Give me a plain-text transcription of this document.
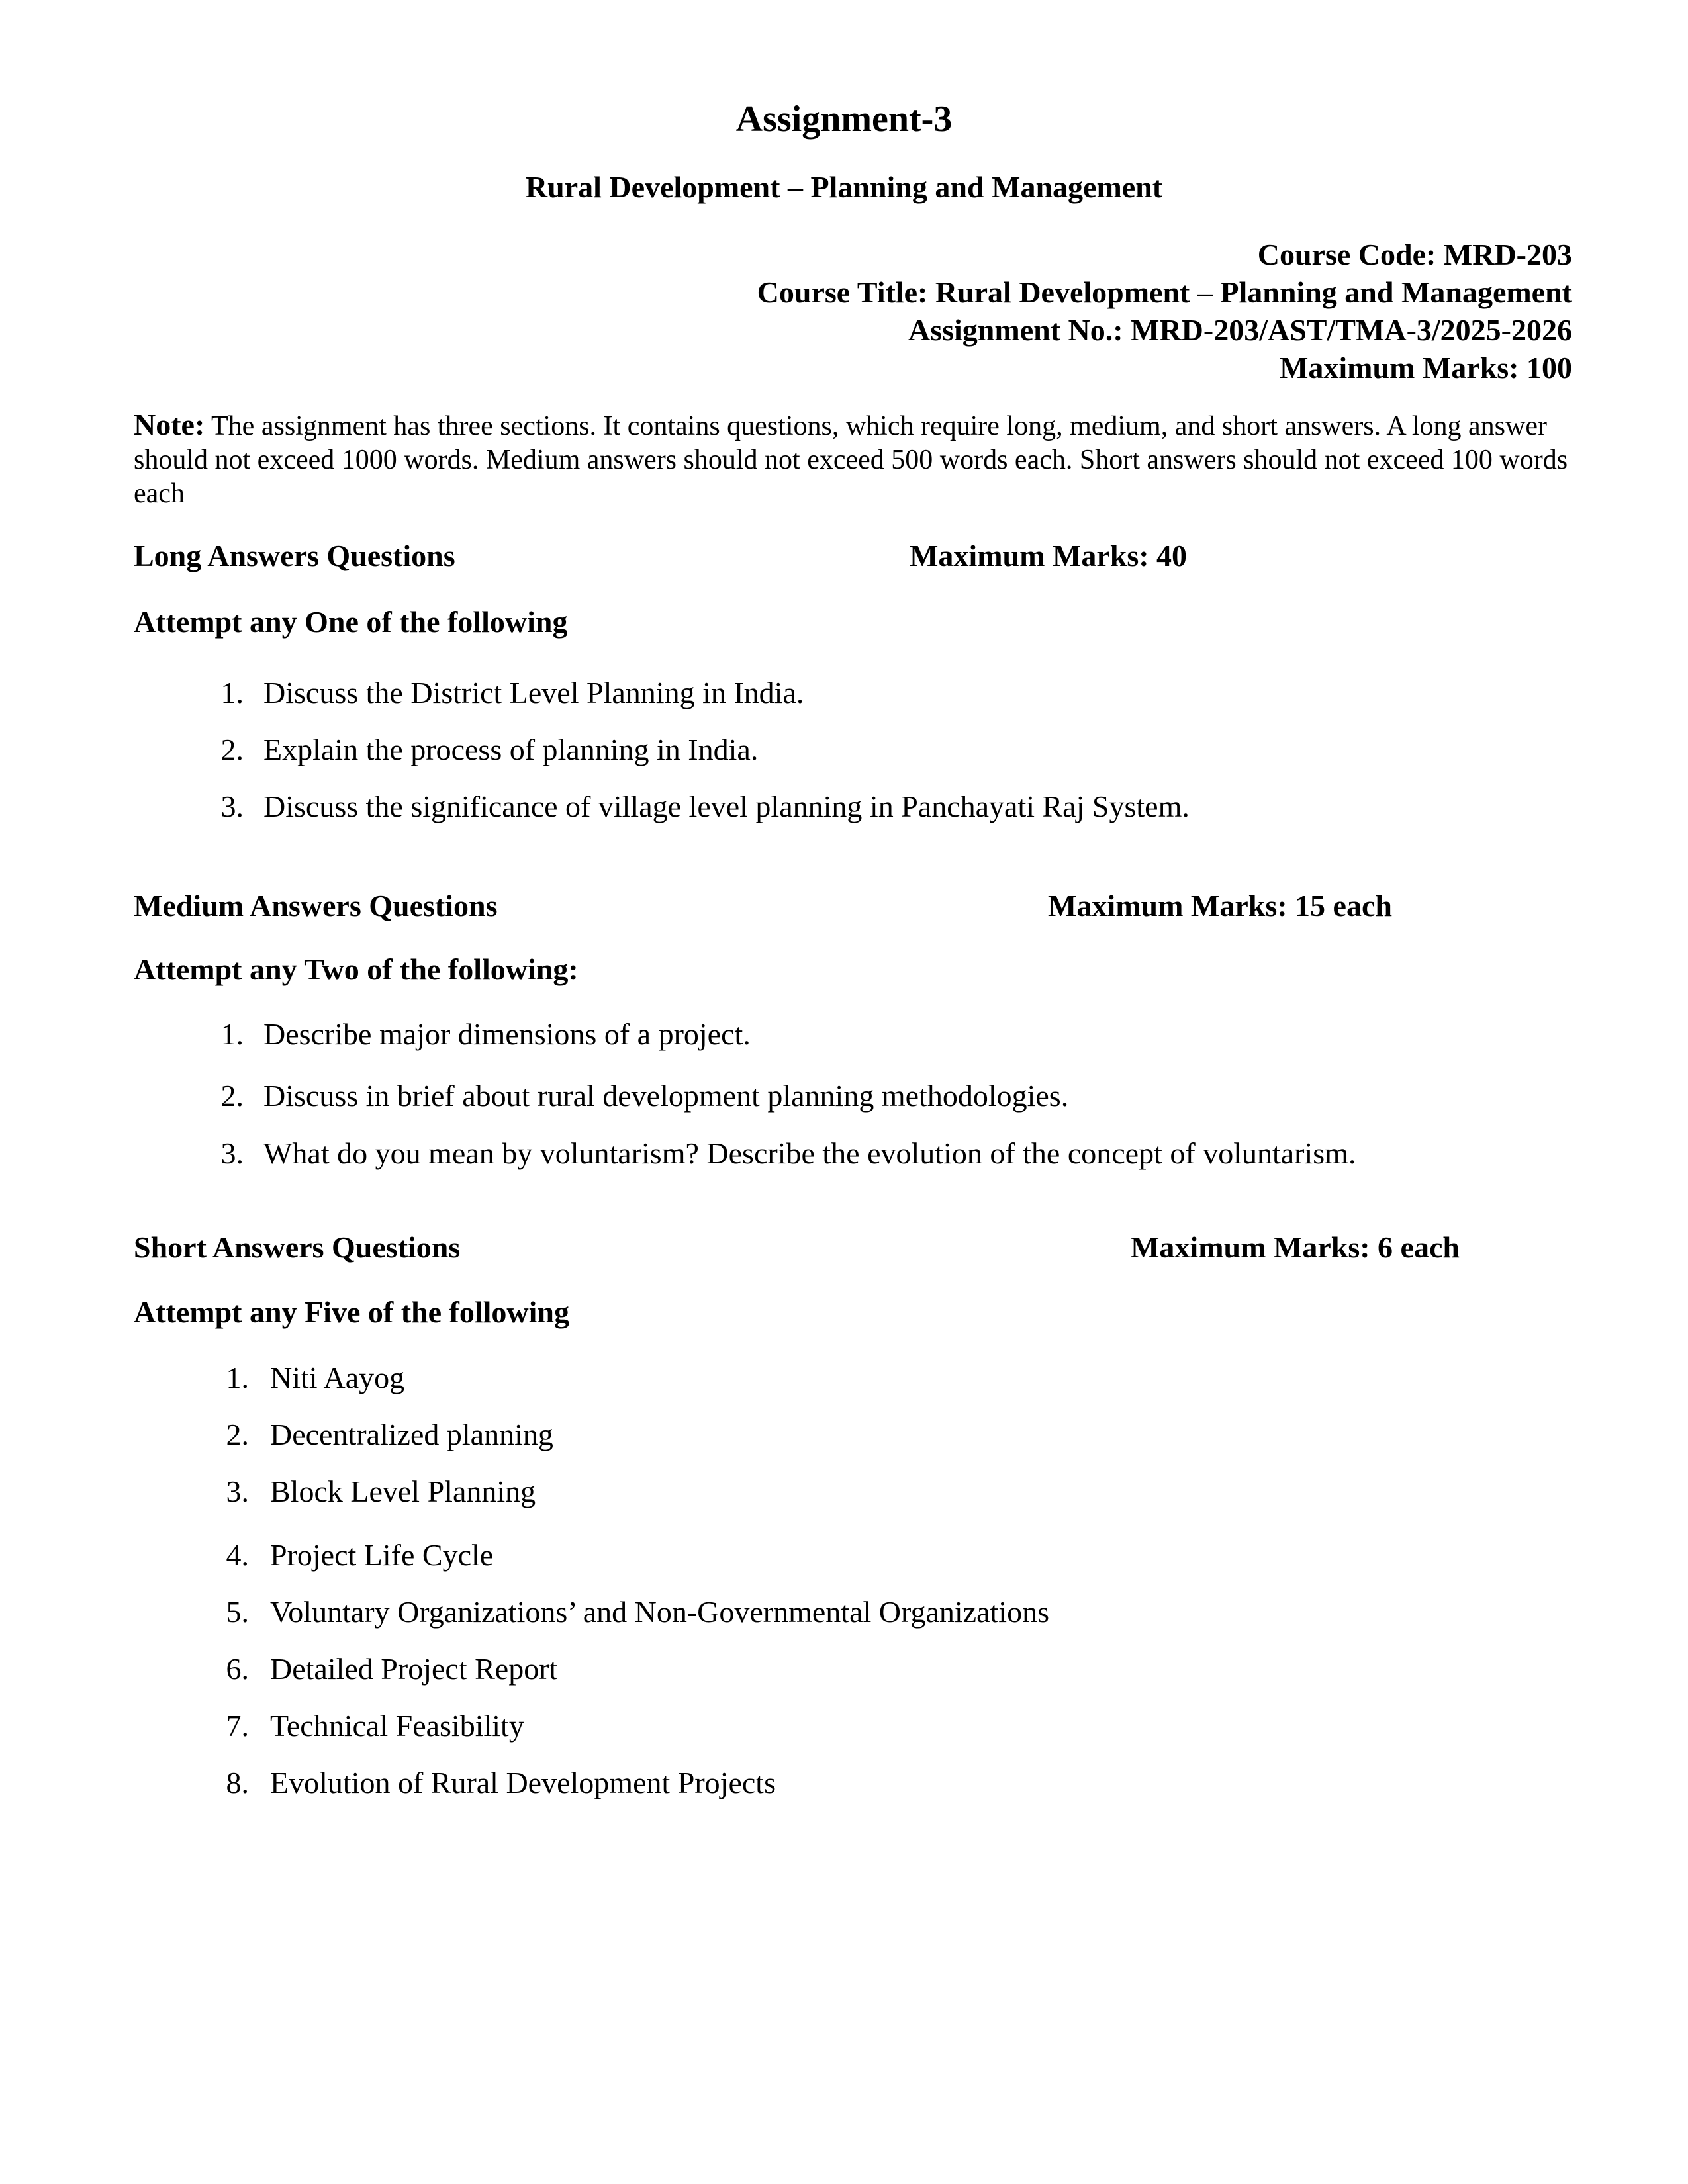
Assignment-3
Rural Development – Planning and Management
Course Code: MRD-203
Course Title: Rural Development – Planning and Management
Assignment No.: MRD-203/AST/TMA-3/2025-2026
Maximum Marks: 100
Note: The assignment has three sections. It contains questions, which require long, medium, and short answers. A long answer should not exceed 1000 words. Medium answers should not exceed 500 words each. Short answers should not exceed 100 words each
Long Answers Questions	Maximum Marks: 40
Attempt any One of the following
1. Discuss the District Level Planning in India.
2. Explain the process of planning in India.
3. Discuss the significance of village level planning in Panchayati Raj System.
Medium Answers Questions	Maximum Marks: 15 each
Attempt any Two of the following:
1. Describe major dimensions of a project.
2. Discuss in brief about rural development planning methodologies.
3. What do you mean by voluntarism? Describe the evolution of the concept of voluntarism.
Short Answers Questions	Maximum Marks: 6 each
Attempt any Five of the following
1. Niti Aayog
2. Decentralized planning
3. Block Level Planning
4. Project Life Cycle
5. Voluntary Organizations’ and Non-Governmental Organizations
6. Detailed Project Report
7. Technical Feasibility
8. Evolution of Rural Development Projects
